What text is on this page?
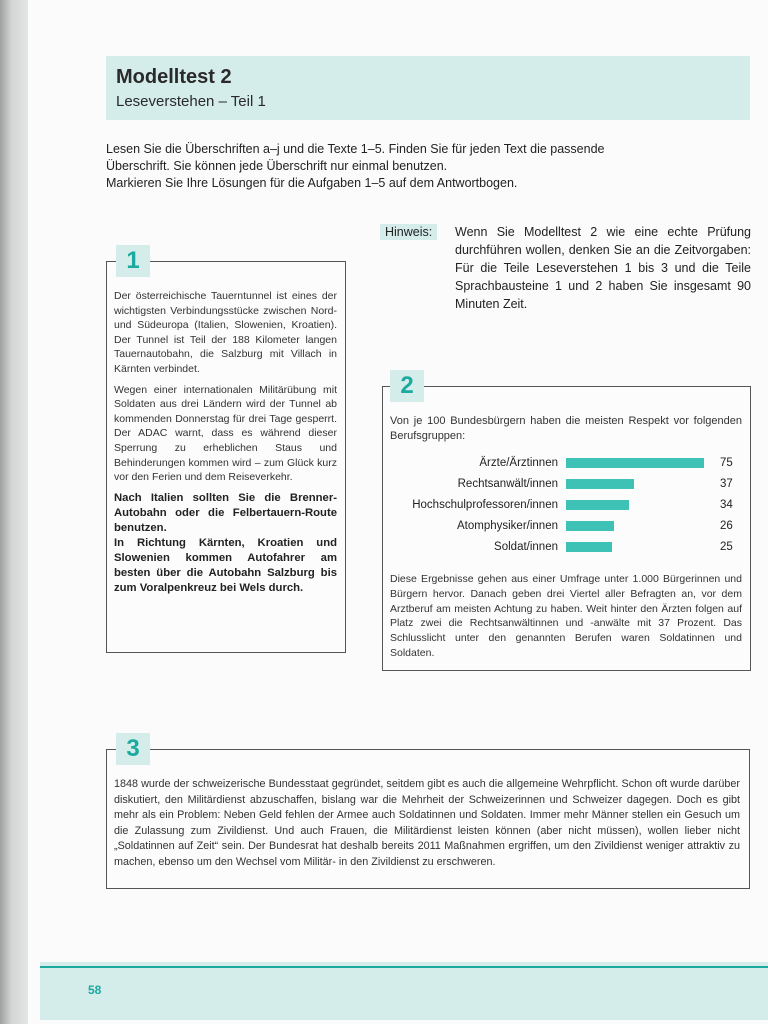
Modelltest 2
Leseverstehen – Teil 1
Lesen Sie die Überschriften a–j und die Texte 1–5. Finden Sie für jeden Text die passende
Überschrift. Sie können jede Überschrift nur einmal benutzen.
Markieren Sie Ihre Lösungen für die Aufgaben 1–5 auf dem Antwortbogen.
Hinweis:	Wenn Sie Modelltest 2 wie eine echte Prüfung durchführen wollen, denken Sie an die Zeitvorgaben: Für die Teile Leseverstehen 1 bis 3 und die Teile Sprachbausteine 1 und 2 haben Sie insgesamt 90 Minuten Zeit.
1

Der österreichische Tauerntunnel ist eines der wichtigsten Verbindungsstücke zwischen Nord- und Südeuropa (Italien, Slowenien, Kroatien). Der Tunnel ist Teil der 188 Kilometer langen Tauernautobahn, die Salzburg mit Villach in Kärnten verbindet.

Wegen einer internationalen Militärübung mit Soldaten aus drei Ländern wird der Tunnel ab kommenden Donnerstag für drei Tage gesperrt. Der ADAC warnt, dass es während dieser Sperrung zu erheblichen Staus und Behinderungen kommen wird – zum Glück kurz vor den Ferien und dem Reiseverkehr.

Nach Italien sollten Sie die Brenner-Autobahn oder die Felbertauern-Route benutzen.
In Richtung Kärnten, Kroatien und Slowenien kommen Autofahrer am besten über die Autobahn Salzburg bis zum Voralpenkreuz bei Wels durch.

2
Von je 100 Bundesbürgern haben die meisten Respekt vor folgenden Berufsgruppen:
Ärzte/Ärztinnen	75
Rechtsanwält/innen	37
Hochschulprofessoren/innen	34
Atomphysiker/innen	26
Soldat/innen	25
Diese Ergebnisse gehen aus einer Umfrage unter 1.000 Bürgerinnen und Bürgern hervor. Danach geben drei Viertel aller Befragten an, vor dem Arztberuf am meisten Achtung zu haben. Weit hinter den Ärzten folgen auf Platz zwei die Rechtsanwältinnen und -anwälte mit 37 Prozent. Das Schlusslicht unter den genannten Berufen waren Soldatinnen und Soldaten.
3
1848 wurde der schweizerische Bundesstaat gegründet, seitdem gibt es auch die allgemeine Wehrpflicht. Schon oft wurde darüber diskutiert, den Militärdienst abzuschaffen, bislang war die Mehrheit der Schweizerinnen und Schweizer dagegen. Doch es gibt mehr als ein Problem: Neben Geld fehlen der Armee auch Soldatinnen und Soldaten. Immer mehr Männer stellen ein Gesuch um die Zulassung zum Zivildienst. Und auch Frauen, die Militärdienst leisten können (aber nicht müssen), wollen lieber nicht „Soldatinnen auf Zeit“ sein. Der Bundesrat hat deshalb bereits 2011 Maßnahmen ergriffen, um den Zivildienst weniger attraktiv zu machen, ebenso um den Wechsel vom Militär- in den Zivildienst zu erschweren.
58
